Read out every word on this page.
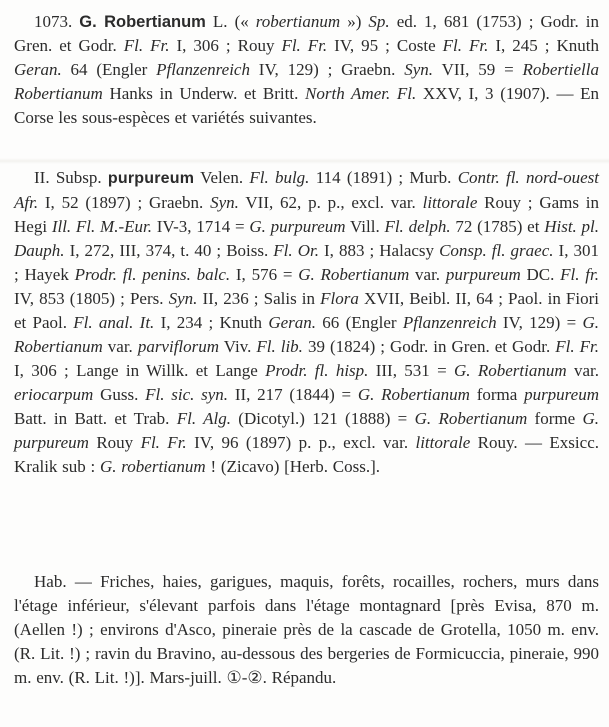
1073. G. Robertianum L. (« robertianum ») Sp. ed. 1, 681 (1753) ; Godr. in Gren. et Godr. Fl. Fr. I, 306 ; Rouy Fl. Fr. IV, 95 ; Coste Fl. Fr. I, 245 ; Knuth Geran. 64 (Engler Pflanzenreich IV, 129) ; Graebn. Syn. VII, 59 = Robertiella Robertianum Hanks in Underw. et Britt. North Amer. Fl. XXV, I, 3 (1907). — En Corse les sous-espèces et variétés suivantes.

II. Subsp. purpureum Velen. Fl. bulg. 114 (1891) ; Murb. Contr. fl. nord-ouest Afr. I, 52 (1897) ; Graebn. Syn. VII, 62, p. p., excl. var. littorale Rouy ; Gams in Hegi Ill. Fl. M.-Eur. IV-3, 1714 = G. purpureum Vill. Fl. delph. 72 (1785) et Hist. pl. Dauph. I, 272, III, 374, t. 40 ; Boiss. Fl. Or. I, 883 ; Halacsy Consp. fl. graec. I, 301 ; Hayek Prodr. fl. penins. balc. I, 576 = G. Robertianum var. purpureum DC. Fl. fr. IV, 853 (1805) ; Pers. Syn. II, 236 ; Salis in Flora XVII, Beibl. II, 64 ; Paol. in Fiori et Paol. Fl. anal. It. I, 234 ; Knuth Geran. 66 (Engler Pflanzenreich IV, 129) = G. Robertianum var. parviflorum Viv. Fl. lib. 39 (1824) ; Godr. in Gren. et Godr. Fl. Fr. I, 306 ; Lange in Willk. et Lange Prodr. fl. hisp. III, 531 = G. Robertianum var. eriocarpum Guss. Fl. sic. syn. II, 217 (1844) = G. Robertianum forma purpureum Batt. in Batt. et Trab. Fl. Alg. (Dicotyl.) 121 (1888) = G. Robertianum forme G. purpureum Rouy Fl. Fr. IV, 96 (1897) p. p., excl. var. littorale Rouy. — Exsicc. Kralik sub : G. robertianum ! (Zicavo) [Herb. Coss.].

Hab. — Friches, haies, garigues, maquis, forêts, rocailles, rochers, murs dans l'étage inférieur, s'élevant parfois dans l'étage montagnard [près Evisa, 870 m. (Aellen !) ; environs d'Asco, pineraie près de la cascade de Grotella, 1050 m. env. (R. Lit. !) ; ravin du Bravino, au-dessous des bergeries de Formicuccia, pineraie, 990 m. env. (R. Lit. !)]. Mars-juill. ①-②. Répandu.
